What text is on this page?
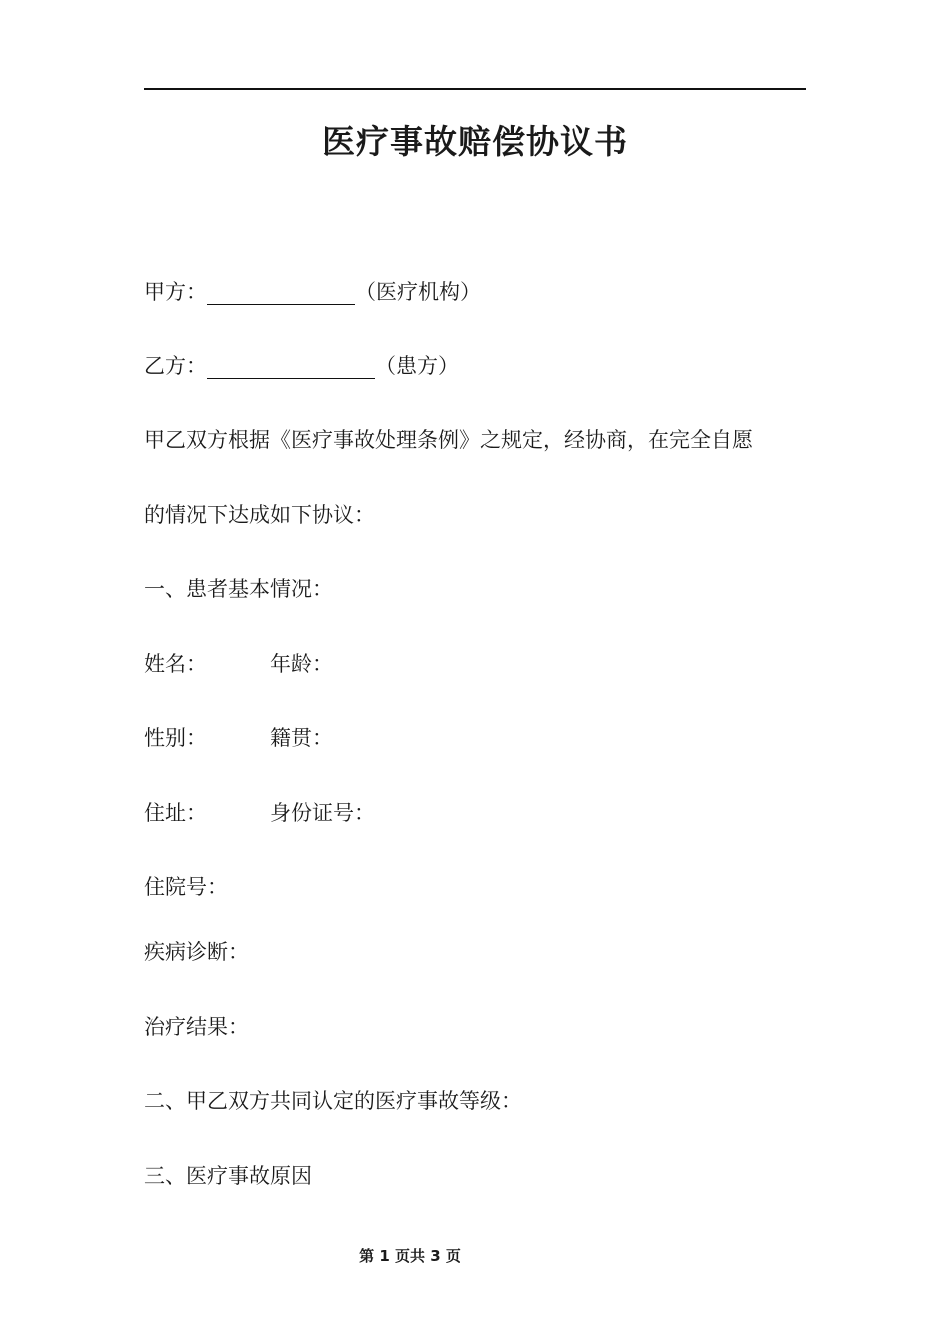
医疗事故赔偿协议书
甲方：	（医疗机构）
乙方：	（患方）
甲乙双方根据《医疗事故处理条例》之规定，经协商，在完全自愿
的情况下达成如下协议：
一、患者基本情况：
姓名：	年龄：
性别：	籍贯：
住址：	身份证号：
住院号：
疾病诊断：
治疗结果：
二、甲乙双方共同认定的医疗事故等级：
三、医疗事故原因
第 1 页共 3 页
